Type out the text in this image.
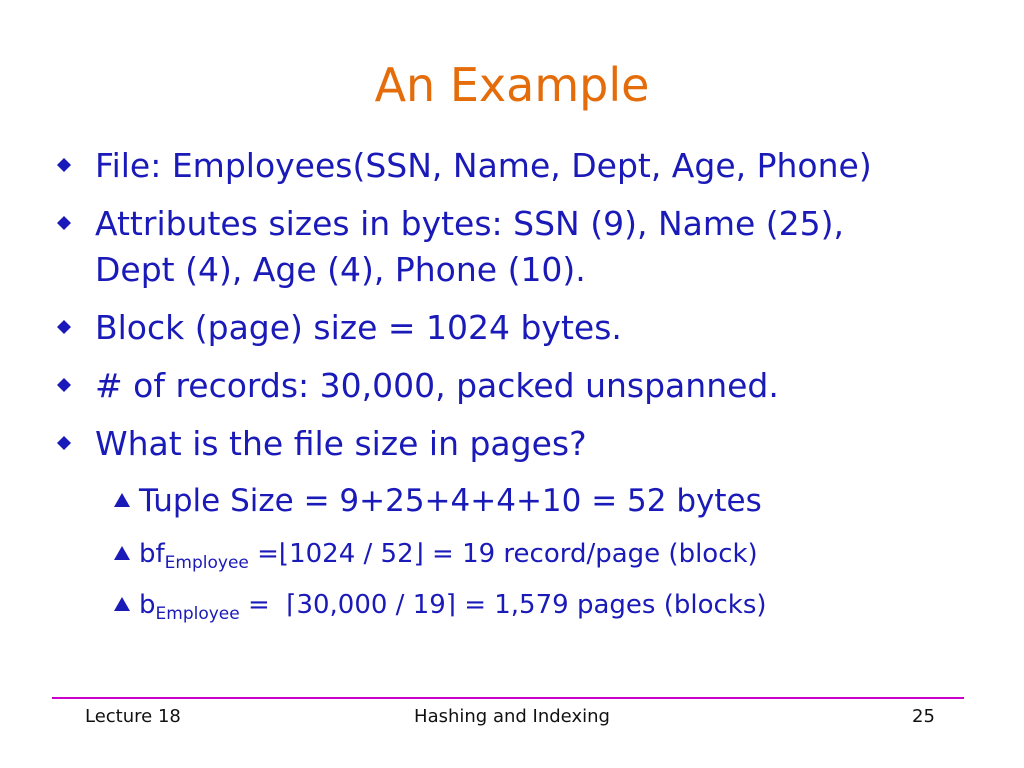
An Example
File: Employees(SSN, Name, Dept, Age, Phone)
Attributes sizes in bytes: SSN (9), Name (25),
Dept (4), Age (4), Phone (10).
Block (page) size = 1024 bytes.
# of records: 30,000, packed unspanned.
What is the file size in pages?
Tuple Size = 9+25+4+4+10 = 52 bytes
$bf_{Employee}$ =⌊1024 / 52⌋ = 19 record/page (block)
$b_{Employee}$ =  ⌈30,000 / 19⌉ = 1,579 pages (blocks)
Lecture 18	Hashing and Indexing	25
